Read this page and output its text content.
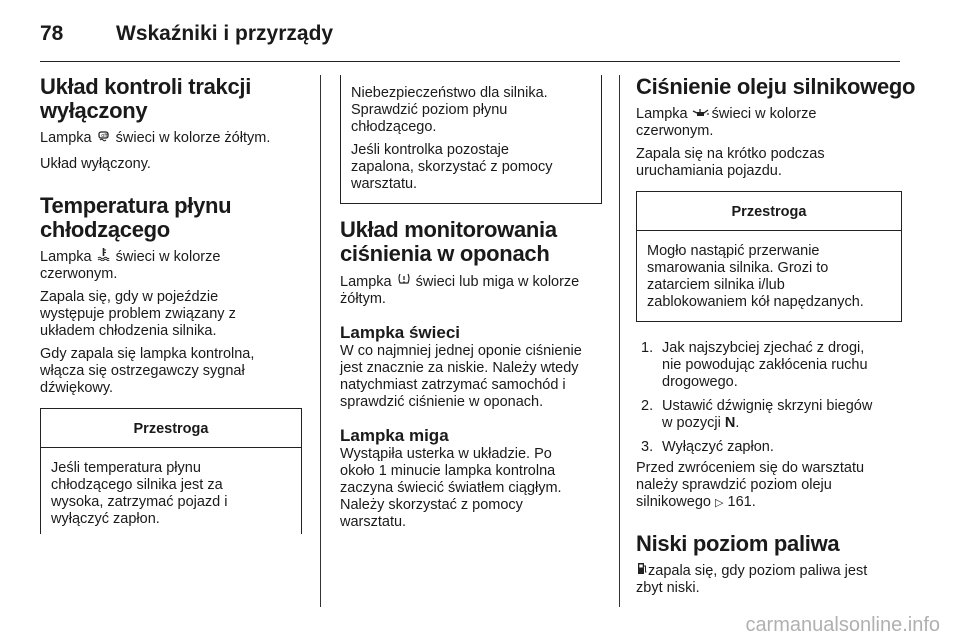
78	Wskaźniki i przyrządy
Układ kontroli trakcji
wyłączony

Lampka off świeci w kolorze żółtym.

Układ wyłączony.

Temperatura płynu
chłodzącego

Lampka świeci w kolorze
czerwonym.

Zapala się, gdy w pojeździe
występuje problem związany z
układem chłodzenia silnika.

Gdy zapala się lampka kontrolna,
włącza się ostrzegawczy sygnał
dźwiękowy.

Przestroga
Jeśli temperatura płynu
chłodzącego silnika jest za
wysoka, zatrzymać pojazd i
wyłączyć zapłon.

Niebezpieczeństwo dla silnika.
Sprawdzić poziom płynu
chłodzącego.

Jeśli kontrolka pozostaje
zapalona, skorzystać z pomocy
warsztatu.

Układ monitorowania
ciśnienia w oponach

Lampka świeci lub miga w kolorze
żółtym.

Lampka świeci

W co najmniej jednej oponie ciśnienie
jest znacznie za niskie. Należy wtedy
natychmiast zatrzymać samochód i
sprawdzić ciśnienie w oponach.

Lampka miga

Wystąpiła usterka w układzie. Po
około 1 minucie lampka kontrolna
zaczyna świecić światłem ciągłym.
Należy skorzystać z pomocy
warsztatu.

Ciśnienie oleju silnikowego

Lampka świeci w kolorze
czerwonym.

Zapala się na krótko podczas
uruchamiania pojazdu.

Przestroga
Mogło nastąpić przerwanie
smarowania silnika. Grozi to
zatarciem silnika i/lub
zablokowaniem kół napędzanych.
1. Jak najszybciej zjechać z drogi,
nie powodując zakłócenia ruchu
drogowego.
2. Ustawić dźwignię skrzyni biegów
w pozycji N.
3. Wyłączyć zapłon.

Przed zwróceniem się do warsztatu
należy sprawdzić poziom oleju
silnikowego ▷ 161.

Niski poziom paliwa

zapala się, gdy poziom paliwa jest
zbyt niski.

carmanualsonline.info
